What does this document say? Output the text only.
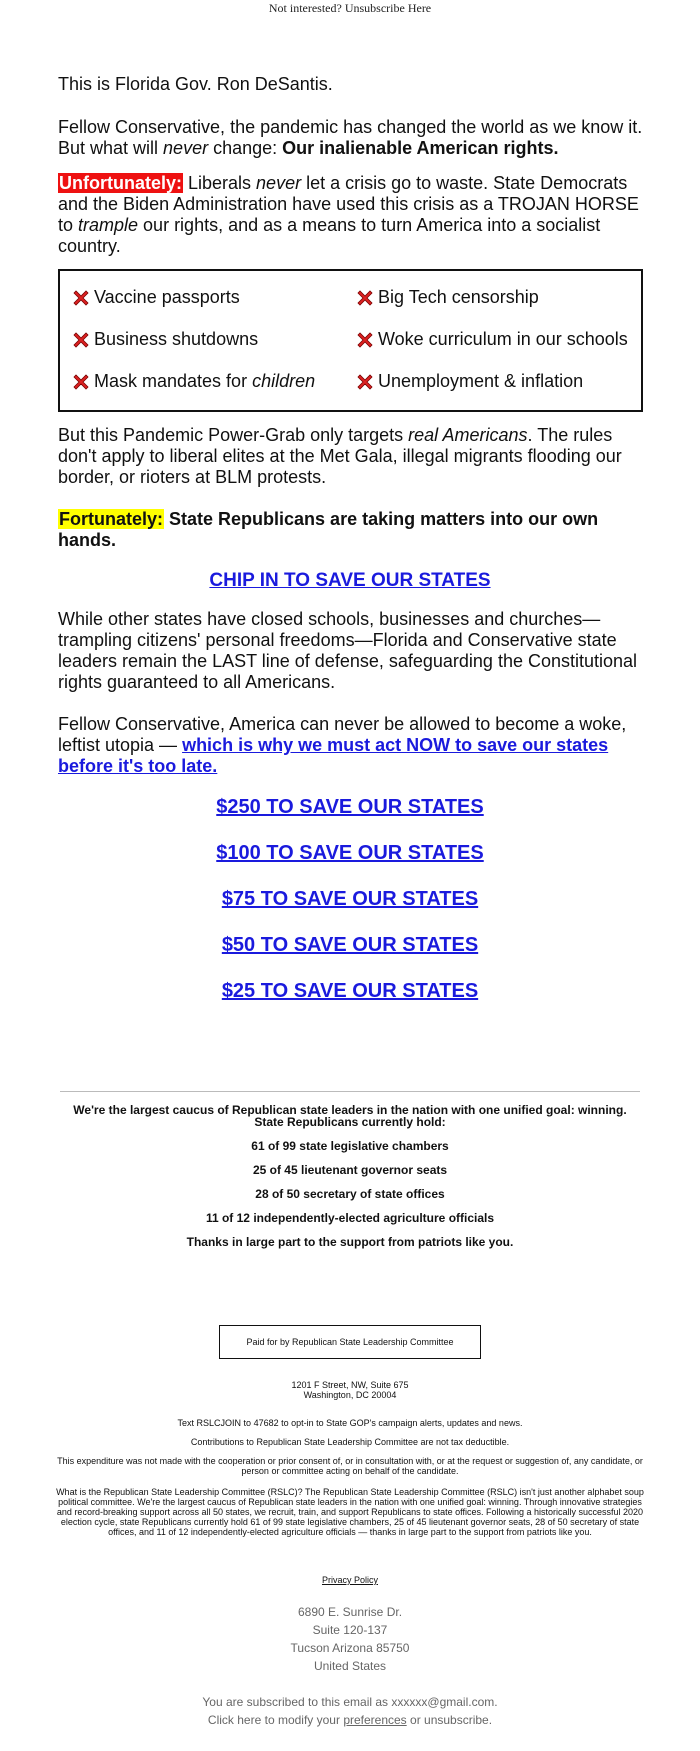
Not interested? Unsubscribe Here
This is Florida Gov. Ron DeSantis.
Fellow Conservative, the pandemic has changed the world as we know it. But what will never change: Our inalienable American rights.
Unfortunately: Liberals never let a crisis go to waste. State Democrats and the Biden Administration have used this crisis as a TROJAN HORSE to trample our rights, and as a means to turn America into a socialist country.
Vaccine passports
Business shutdowns
Mask mandates for children
Big Tech censorship
Woke curriculum in our schools
Unemployment & inflation
But this Pandemic Power-Grab only targets real Americans. The rules don't apply to liberal elites at the Met Gala, illegal migrants flooding our border, or rioters at BLM protests.
Fortunately: State Republicans are taking matters into our own hands.
CHIP IN TO SAVE OUR STATES
While other states have closed schools, businesses and churches—trampling citizens' personal freedoms—Florida and Conservative state leaders remain the LAST line of defense, safeguarding the Constitutional rights guaranteed to all Americans.
Fellow Conservative, America can never be allowed to become a woke, leftist utopia — which is why we must act NOW to save our states before it's too late.
$250 TO SAVE OUR STATES
$100 TO SAVE OUR STATES
$75 TO SAVE OUR STATES
$50 TO SAVE OUR STATES
$25 TO SAVE OUR STATES
We're the largest caucus of Republican state leaders in the nation with one unified goal: winning.
State Republicans currently hold:
61 of 99 state legislative chambers
25 of 45 lieutenant governor seats
28 of 50 secretary of state offices
11 of 12 independently-elected agriculture officials
Thanks in large part to the support from patriots like you.
Paid for by Republican State Leadership Committee
1201 F Street, NW, Suite 675
Washington, DC 20004
Text RSLCJOIN to 47682 to opt-in to State GOP's campaign alerts, updates and news.
Contributions to Republican State Leadership Committee are not tax deductible.
This expenditure was not made with the cooperation or prior consent of, or in consultation with, or at the request or suggestion of, any candidate, or person or committee acting on behalf of the candidate.
What is the Republican State Leadership Committee (RSLC)? The Republican State Leadership Committee (RSLC) isn't just another alphabet soup political committee. We're the largest caucus of Republican state leaders in the nation with one unified goal: winning. Through innovative strategies and record-breaking support across all 50 states, we recruit, train, and support Republicans to state offices. Following a historically successful 2020 election cycle, state Republicans currently hold 61 of 99 state legislative chambers, 25 of 45 lieutenant governor seats, 28 of 50 secretary of state offices, and 11 of 12 independently-elected agriculture officials — thanks in large part to the support from patriots like you.
Privacy Policy
6890 E. Sunrise Dr.
Suite 120-137
Tucson Arizona 85750
United States
You are subscribed to this email as xxxxxx@gmail.com.
Click here to modify your preferences or unsubscribe.
